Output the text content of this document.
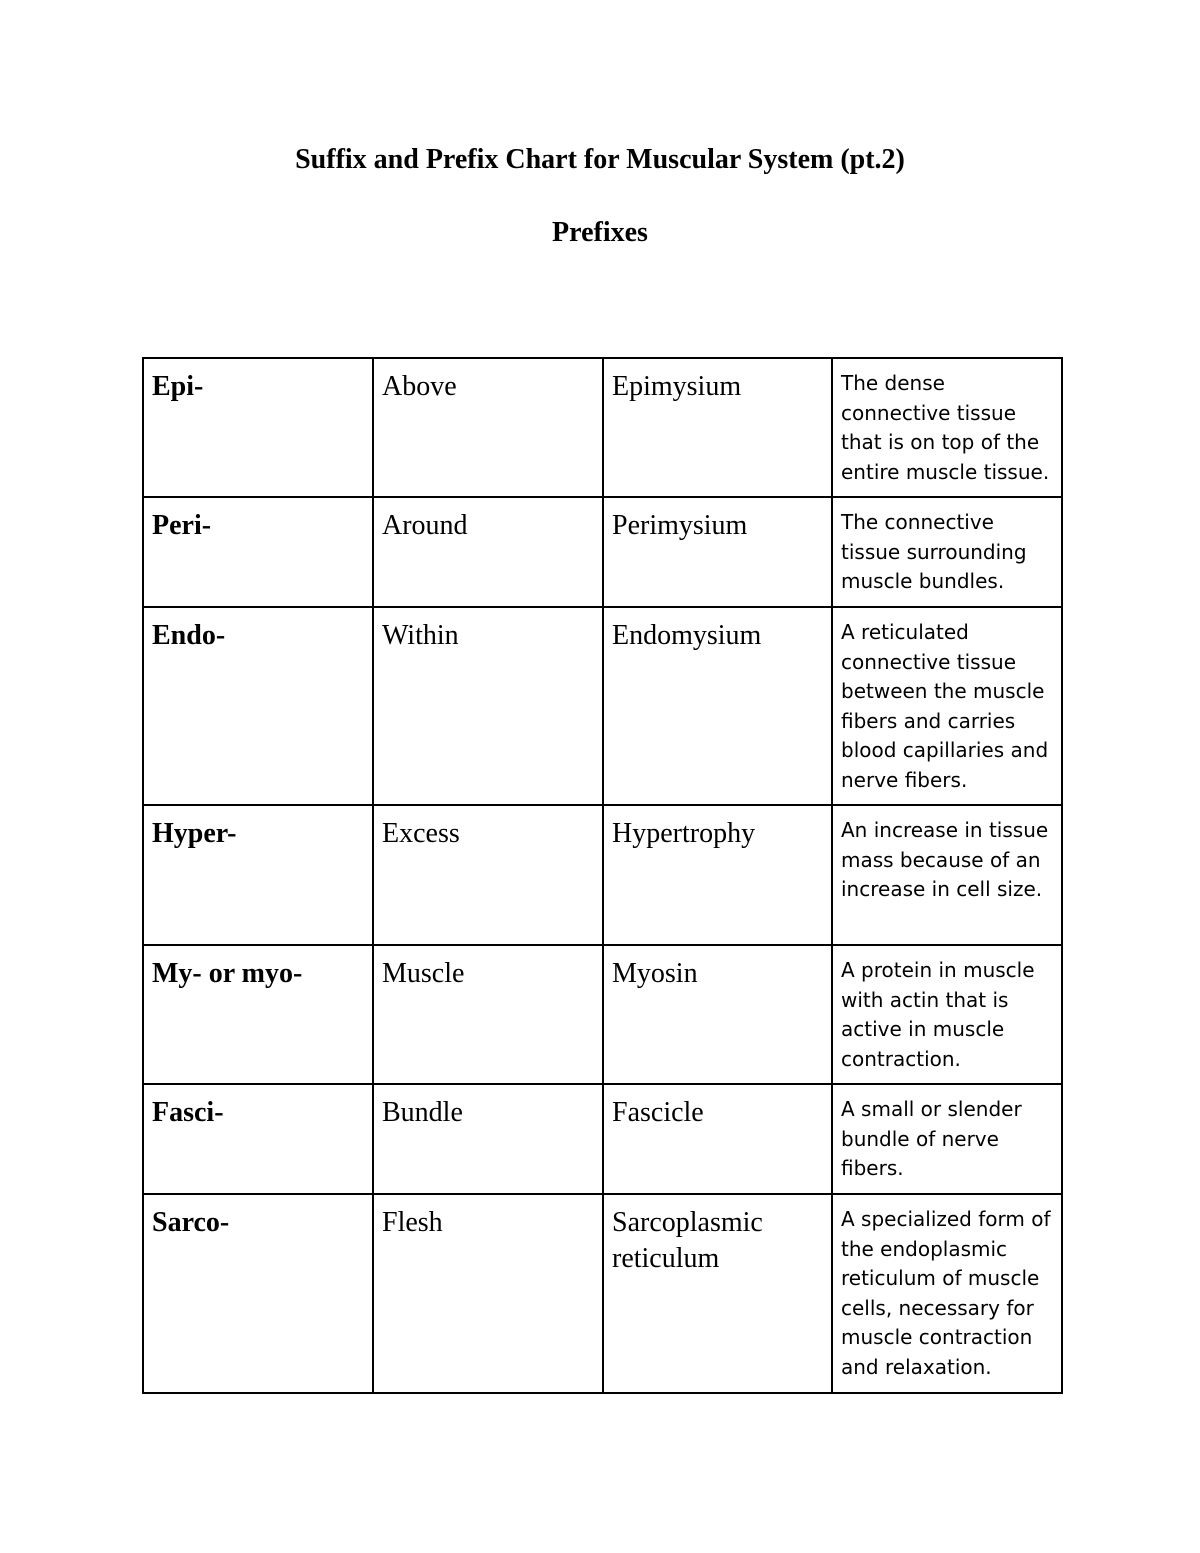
Suffix and Prefix Chart for Muscular System (pt.2)
Prefixes
Epi-	Above	Epimysium	The dense connective tissue that is on top of the entire muscle tissue.
Peri-	Around	Perimysium	The connective tissue surrounding muscle bundles.
Endo-	Within	Endomysium	A reticulated connective tissue between the muscle fibers and carries blood capillaries and nerve fibers.
Hyper-	Excess	Hypertrophy	An increase in tissue mass because of an increase in cell size.
My- or myo-	Muscle	Myosin	A protein in muscle with actin that is active in muscle contraction.
Fasci-	Bundle	Fascicle	A small or slender bundle of nerve fibers.
Sarco-	Flesh	Sarcoplasmic reticulum	A specialized form of the endoplasmic reticulum of muscle cells, necessary for muscle contraction and relaxation.
